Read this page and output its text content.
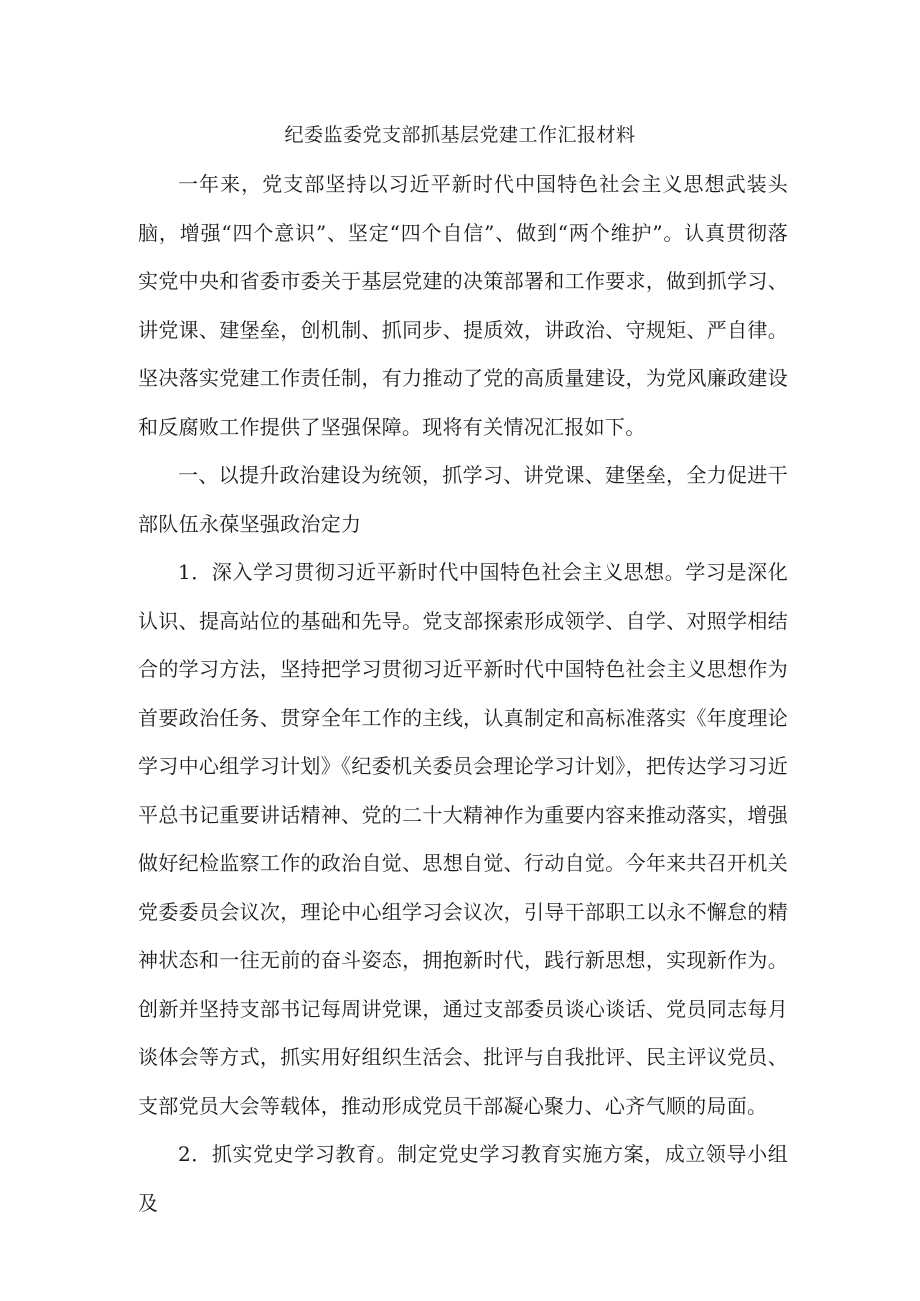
纪委监委党支部抓基层党建工作汇报材料

一年来，党支部坚持以习近平新时代中国特色社会主义思想武装头脑，增强“四个意识”、坚定“四个自信”、做到“两个维护”。认真贯彻落实党中央和省委市委关于基层党建的决策部署和工作要求，做到抓学习、讲党课、建堡垒，创机制、抓同步、提质效，讲政治、守规矩、严自律。坚决落实党建工作责任制，有力推动了党的高质量建设，为党风廉政建设和反腐败工作提供了坚强保障。现将有关情况汇报如下。

一、以提升政治建设为统领，抓学习、讲党课、建堡垒，全力促进干部队伍永葆坚强政治定力

1．深入学习贯彻习近平新时代中国特色社会主义思想。学习是深化认识、提高站位的基础和先导。党支部探索形成领学、自学、对照学相结合的学习方法，坚持把学习贯彻习近平新时代中国特色社会主义思想作为首要政治任务、贯穿全年工作的主线，认真制定和高标准落实《年度理论学习中心组学习计划》《纪委机关委员会理论学习计划》，把传达学习习近平总书记重要讲话精神、党的二十大精神作为重要内容来推动落实，增强做好纪检监察工作的政治自觉、思想自觉、行动自觉。今年来共召开机关党委委员会议次，理论中心组学习会议次，引导干部职工以永不懈怠的精神状态和一往无前的奋斗姿态，拥抱新时代，践行新思想，实现新作为。创新并坚持支部书记每周讲党课，通过支部委员谈心谈话、党员同志每月谈体会等方式，抓实用好组织生活会、批评与自我批评、民主评议党员、支部党员大会等载体，推动形成党员干部凝心聚力、心齐气顺的局面。

2．抓实党史学习教育。制定党史学习教育实施方案，成立领导小组及
